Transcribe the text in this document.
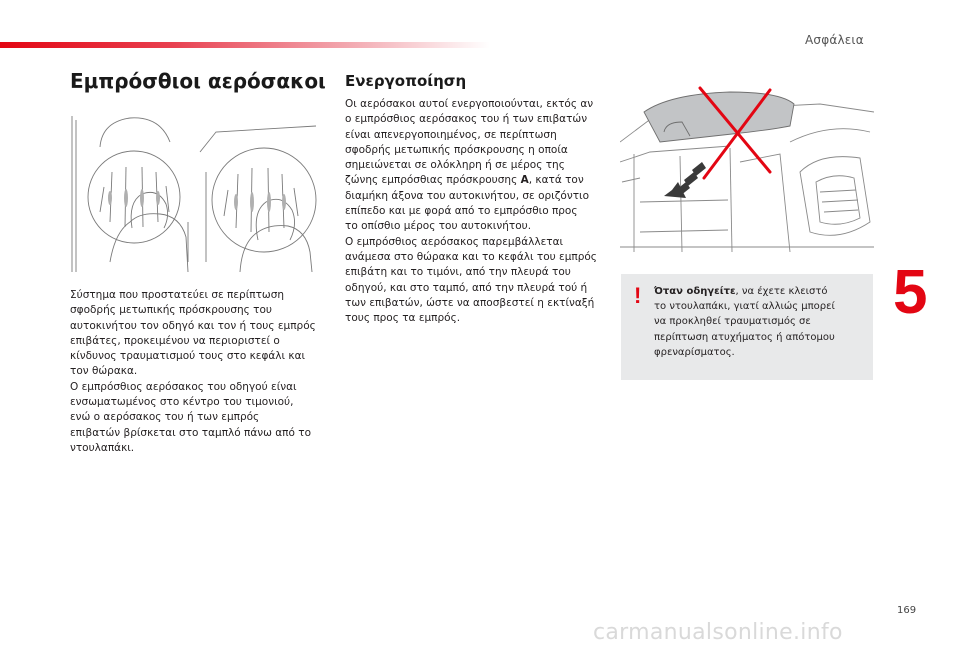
Ασφάλεια
5
Εμπρόσθιοι αερόσακοι

Σύστημα που προστατεύει σε περίπτωση

σφοδρής μετωπικής πρόσκρουσης του

αυτοκινήτου τον οδηγό και τον ή τους εμπρός

επιβάτες, προκειμένου να περιοριστεί ο

κίνδυνος τραυματισμού τους στο κεφάλι και

τον θώρακα.

Ο εμπρόσθιος αερόσακος του οδηγού είναι

ενσωματωμένος στο κέντρο του τιμονιού,

ενώ ο αερόσακος του ή των εμπρός

επιβατών βρίσκεται στο ταμπλό πάνω από το

ντουλαπάκι.

Ενεργοποίηση

Οι αερόσακοι αυτοί ενεργοποιούνται, εκτός αν

ο εμπρόσθιος αερόσακος του ή των επιβατών

είναι απενεργοποιημένος, σε περίπτωση

σφοδρής μετωπικής πρόσκρουσης η οποία

σημειώνεται σε ολόκληρη ή σε μέρος της

ζώνης εμπρόσθιας πρόσκρουσης A, κατά τον

διαμήκη άξονα του αυτοκινήτου, σε οριζόντιο

επίπεδο και με φορά από το εμπρόσθιο προς

το οπίσθιο μέρος του αυτοκινήτου.

Ο εμπρόσθιος αερόσακος παρεμβάλλεται

ανάμεσα στο θώρακα και το κεφάλι του εμπρός

επιβάτη και το τιμόνι, από την πλευρά του

οδηγού, και στο ταμπό, από την πλευρά τού ή

των επιβατών, ώστε να αποσβεστεί η εκτίναξή

τους προς τα εμπρός.

! Όταν οδηγείτε, να έχετε κλειστό
το ντουλαπάκι, γιατί αλλιώς μπορεί
να προκληθεί τραυματισμός σε
περίπτωση ατυχήματος ή απότομου
φρεναρίσματος.
169
carmanualsonline.info
